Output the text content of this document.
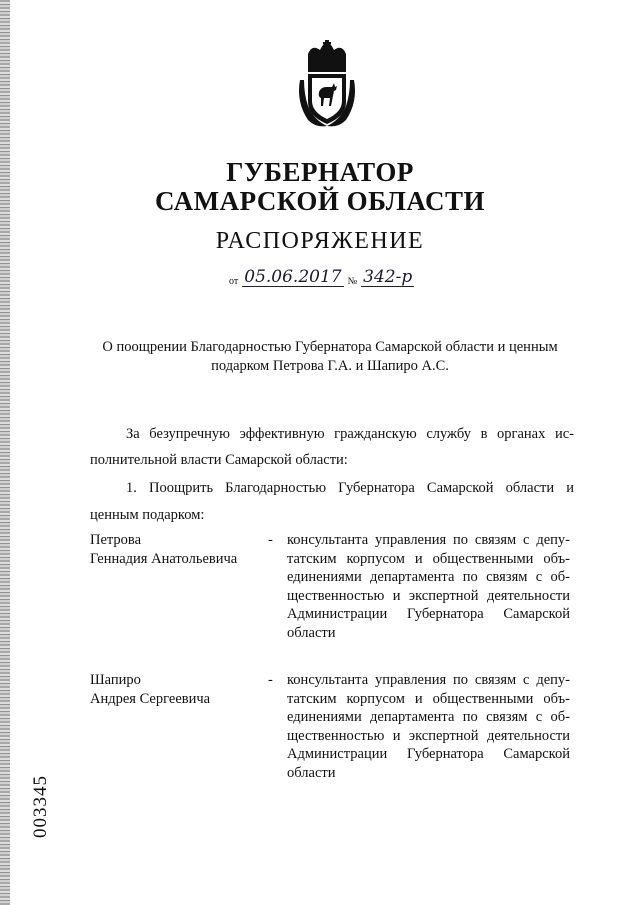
ГУБЕРНАТОР
САМАРСКОЙ ОБЛАСТИ
РАСПОРЯЖЕНИЕ
от 05.06.2017 № 342-р
О поощрении Благодарностью Губернатора Самарской области и ценным
подарком Петрова Г.А. и Шапиро А.С.
За безупречную эффективную гражданскую службу в органах ис-
полнительной власти Самарской области:
1. Поощрить Благодарностью Губернатора Самарской области и
ценным подарком:
Петрова
Геннадия Анатольевича
- консультанта управления по связям с депу-
татским корпусом и общественными объ-
единениями департамента по связям с об-
щественностью и экспертной деятельности
Администрации Губернатора Самарской
области
Шапиро
Андрея Сергеевича
- консультанта управления по связям с депу-
татским корпусом и общественными объ-
единениями департамента по связям с об-
щественностью и экспертной деятельности
Администрации Губернатора Самарской
области
003345
